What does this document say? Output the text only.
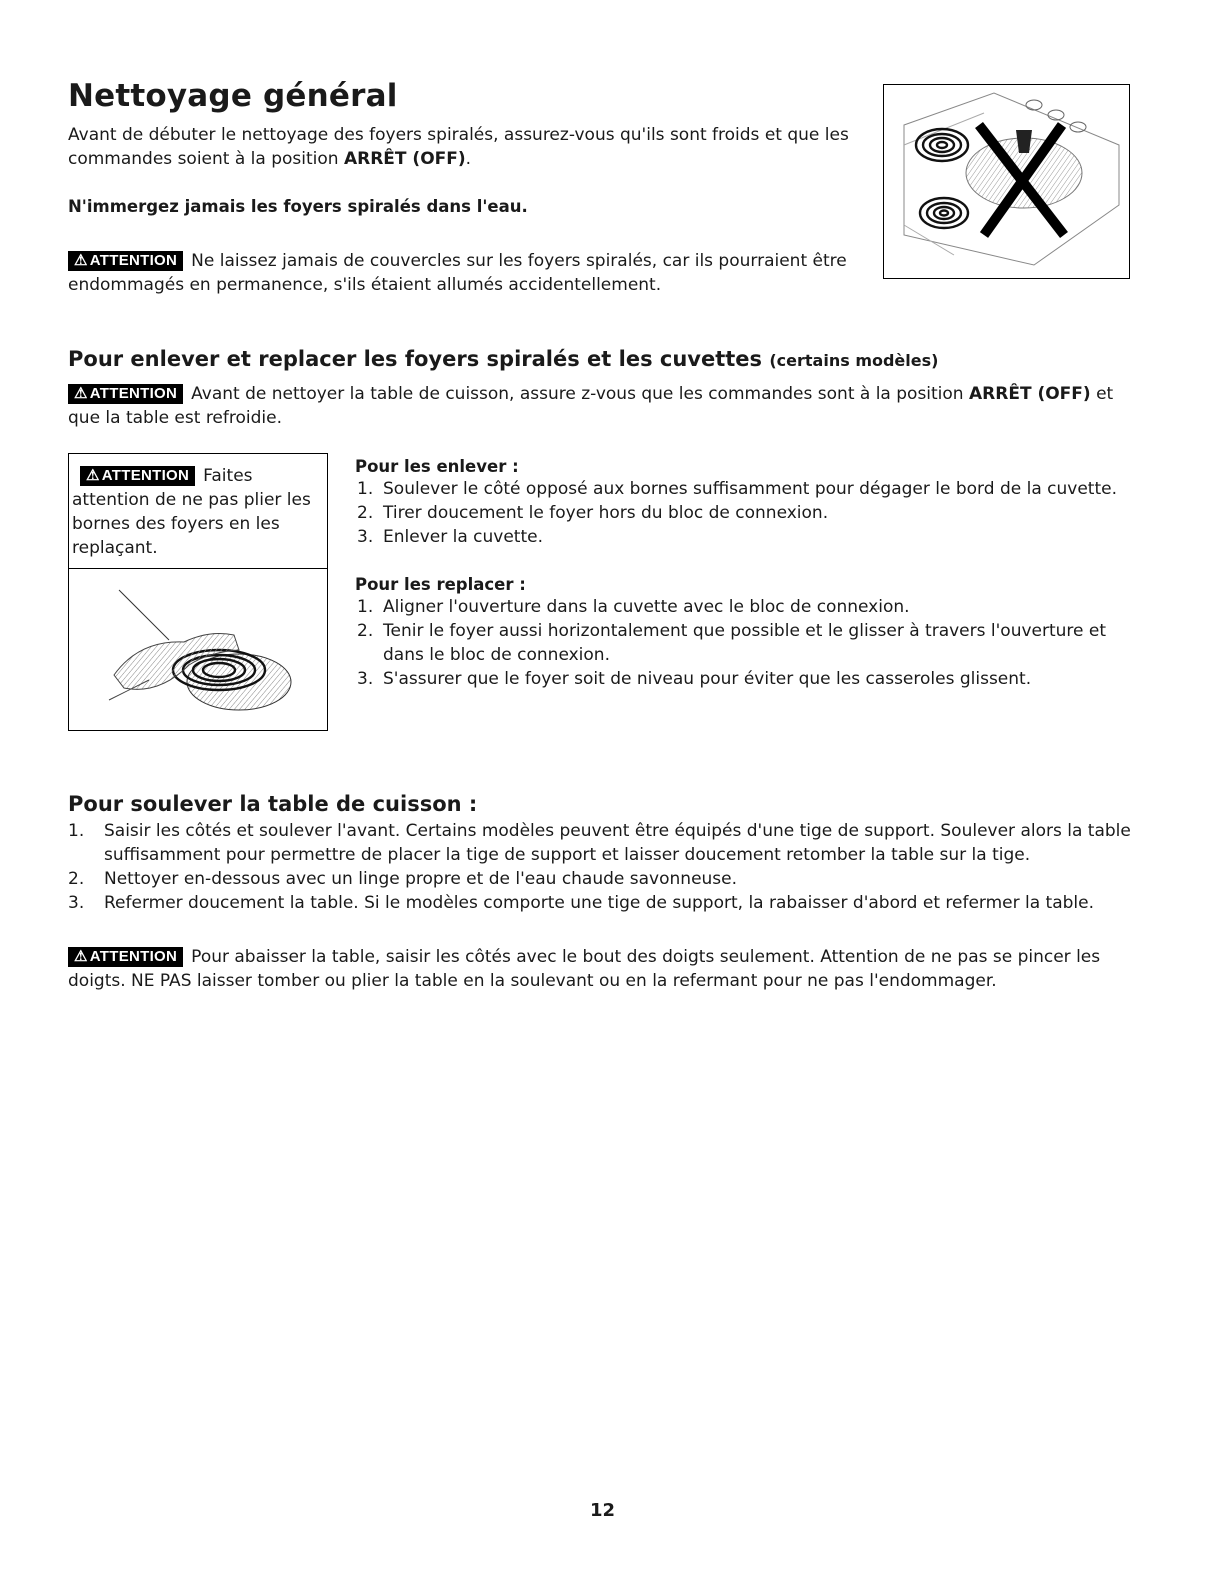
Nettoyage général
Avant de débuter le nettoyage des foyers spiralés, assurez-vous qu'ils sont froids et que les commandes soient à la position ARRÊT (OFF).
N'immergez jamais les foyers spiralés dans l'eau.
⚠ ATTENTION Ne laissez jamais de couvercles sur les foyers spiralés, car ils pourraient être endommagés en permanence, s'ils étaient allumés accidentellement.
Pour enlever et replacer les foyers spiralés et les cuvettes (certains modèles)
⚠ ATTENTION Avant de nettoyer la table de cuisson, assure z-vous que les commandes sont à la position ARRÊT (OFF) et que la table est refroidie.
⚠ ATTENTION Faites attention de ne pas plier les bornes des foyers en les replaçant.
Pour les enlever :
1. Soulever le côté opposé aux bornes suffisamment pour dégager le bord de la cuvette.
2. Tirer doucement le foyer hors du bloc de connexion.
3. Enlever la cuvette.
Pour les replacer :
1. Aligner l'ouverture dans la cuvette avec le bloc de connexion.
2. Tenir le foyer aussi horizontalement que possible et le glisser à travers l'ouverture et dans le bloc de connexion.
3. S'assurer que le foyer soit de niveau pour éviter que les casseroles glissent.
Pour soulever la table de cuisson :
1. Saisir les côtés et soulever l'avant. Certains modèles peuvent être équipés d'une tige de support. Soulever alors la table suffisamment pour permettre de placer la tige de support et laisser doucement retomber la table sur la tige.
2. Nettoyer en-dessous avec un linge propre et de l'eau chaude savonneuse.
3. Refermer doucement la table. Si le modèles comporte une tige de support, la rabaisser d'abord et refermer la table.
⚠ ATTENTION Pour abaisser la table, saisir les côtés avec le bout des doigts seulement. Attention de ne pas se pincer les doigts. NE PAS laisser tomber ou plier la table en la soulevant ou en la refermant pour ne pas l'endommager.
12
